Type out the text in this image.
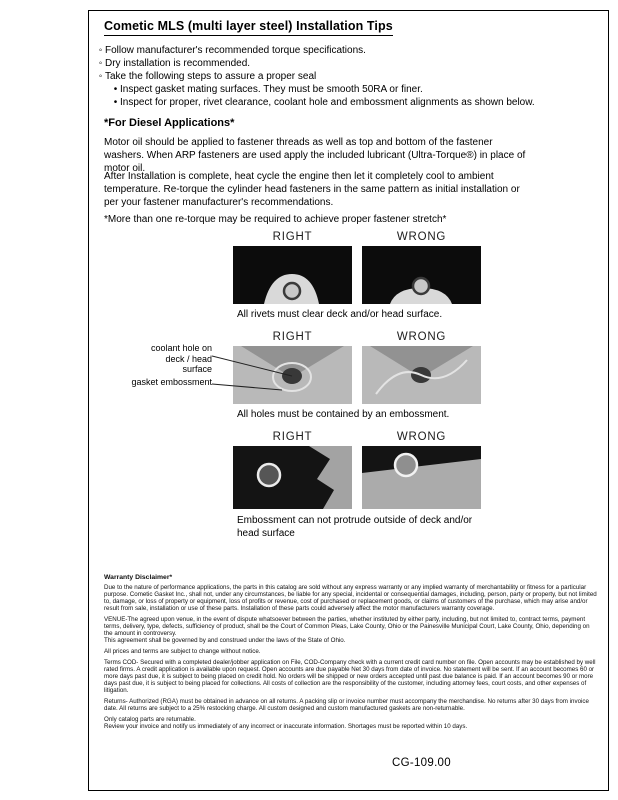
Cometic MLS (multi layer steel) Installation Tips
◦ Follow manufacturer's recommended torque specifications.
◦ Dry installation is recommended.
◦ Take the following steps to assure a proper seal
• Inspect gasket mating surfaces. They must be smooth 50RA or finer.
• Inspect for proper, rivet clearance, coolant hole and embossment alignments as shown below.
*For Diesel Applications*
Motor oil should be applied to fastener threads as well as top and bottom of the fastener washers. When ARP fasteners are used apply the included lubricant (Ultra-Torque®) in place of motor oil.
After Installation is complete, heat cycle the engine then let it completely cool to ambient temperature. Re-torque the cylinder head fasteners in the same pattern as initial installation or per your fastener manufacturer's recommendations.
*More than one re-torque may be required to achieve proper fastener stretch*
RIGHT	WRONG
All rivets must clear deck and/or head surface.
RIGHT	WRONG
coolant hole on deck / head surface
gasket embossment
All holes must be contained by an embossment.
RIGHT	WRONG
Embossment can not protrude outside of deck and/or head surface
Warranty Disclaimer*
Due to the nature of performance applications, the parts in this catalog are sold without any express warranty or any implied warranty of merchantability or fitness for a particular purpose. Cometic Gasket Inc., shall not, under any circumstances, be liable for any special, incidental or consequential damages, including, person, party or property, but not limited to, damage, or loss of property or equipment, loss of profits or revenue, cost of purchased or replacement goods, or claims of customers of the purchase, which may arise and/or result from sale, installation or use of these parts. Installation of these parts could adversely affect the motor manufacturers warranty coverage.
VENUE-The agreed upon venue, in the event of dispute whatsoever between the parties, whether instituted by either party, including, but not limited to, contract terms, payment terms, delivery, type, defects, sufficiency of product, shall be the Court of Common Pleas, Lake County, Ohio or the Painesville Municipal Court, Lake County, Ohio, depending on the amount in controversy.
This agreement shall be governed by and construed under the laws of the State of Ohio.
All prices and terms are subject to change without notice.
Terms COD- Secured with a completed dealer/jobber application on File, COD-Company check with a current credit card number on file. Open accounts may be established by well rated firms. A credit application is available upon request. Open accounts are due payable Net 30 days from date of invoice. No statement will be sent. If an account becomes 60 or more days past due, it is subject to being placed on credit hold. No orders will be shipped or new orders accepted until past due balance is paid. If an account becomes 90 or more days past due, it is subject to being placed for collections. All costs of collection are the responsibility of the customer, including attorney fees, court costs, and other expenses of litigation.
Returns- Authorized (RGA) must be obtained in advance on all returns. A packing slip or invoice number must accompany the merchandise. No returns after 30 days from invoice date. All returns are subject to a 25% restocking charge. All custom designed and custom manufactured gaskets are non-returnable.
Only catalog parts are returnable.
Review your invoice and notify us immediately of any incorrect or inaccurate information. Shortages must be reported within 10 days.
CG-109.00
